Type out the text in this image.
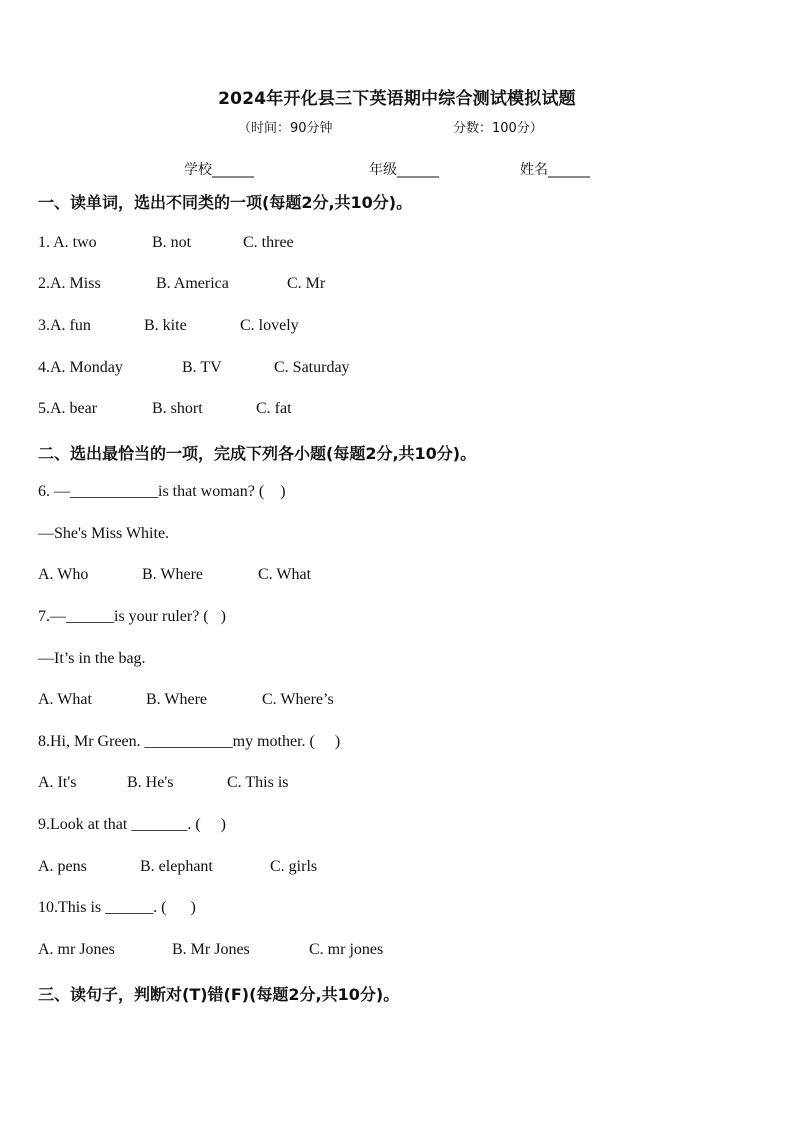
2024年开化县三下英语期中综合测试模拟试题
（时间：90分钟	分数：100分）
学校______	年级______	姓名______
一、读单词，选出不同类的一项(每题2分,共10分)。
1. A. two	B. not	C. three
2.A. Miss	B. America	C. Mr
3.A. fun	B. kite	C. lovely
4.A. Monday	B. TV	C. Saturday
5.A. bear	B. short	C. fat
二、选出最恰当的一项，完成下列各小题(每题2分,共10分)。
6. —___________is that woman? (    )
—She's Miss White.
A. Who	B. Where	C. What
7.—______is your ruler? (   )
—It’s in the bag.
A. What	B. Where	C. Where’s
8.Hi, Mr Green. ___________my mother. (     )
A. It's	B. He's	C. This is
9.Look at that _______. (     )
A. pens	B. elephant	C. girls
10.This is ______. (      )
A. mr Jones	B. Mr Jones	C. mr jones
三、读句子，判断对(T)错(F)(每题2分,共10分)。
